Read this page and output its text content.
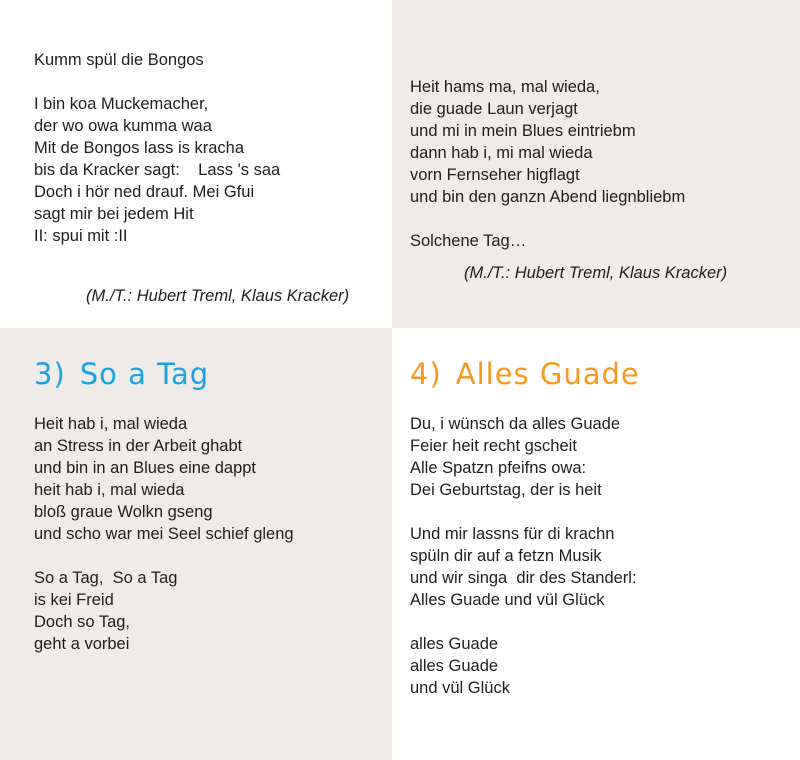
Kumm spül die Bongos
I bin koa Muckemacher,
der wo owa kumma waa
Mit de Bongos lass is kracha
bis da Kracker sagt:    Lass 's saa
Doch i hör ned drauf. Mei Gfui
sagt mir bei jedem Hit
II: spui mit :II

(M./T.: Hubert Treml, Klaus Kracker)

Heit hams ma, mal wieda,
die guade Laun verjagt
und mi in mein Blues eintriebm
dann hab i, mi mal wieda
vorn Fernseher higflagt
und bin den ganzn Abend liegnbliebm
Solchene Tag…

(M./T.: Hubert Treml, Klaus Kracker)

3) So a Tag
Heit hab i, mal wieda
an Stress in der Arbeit ghabt
und bin in an Blues eine dappt
heit hab i, mal wieda
bloß graue Wolkn gseng
und scho war mei Seel schief gleng
So a Tag,  So a Tag
is kei Freid
Doch so Tag,
geht a vorbei
4) Alles Guade
Du, i wünsch da alles Guade
Feier heit recht gscheit
Alle Spatzn pfeifns owa:
Dei Geburtstag, der is heit
Und mir lassns für di krachn
spüln dir auf a fetzn Musik
und wir singa  dir des Standerl:
Alles Guade und vül Glück
alles Guade
alles Guade
und vül Glück
